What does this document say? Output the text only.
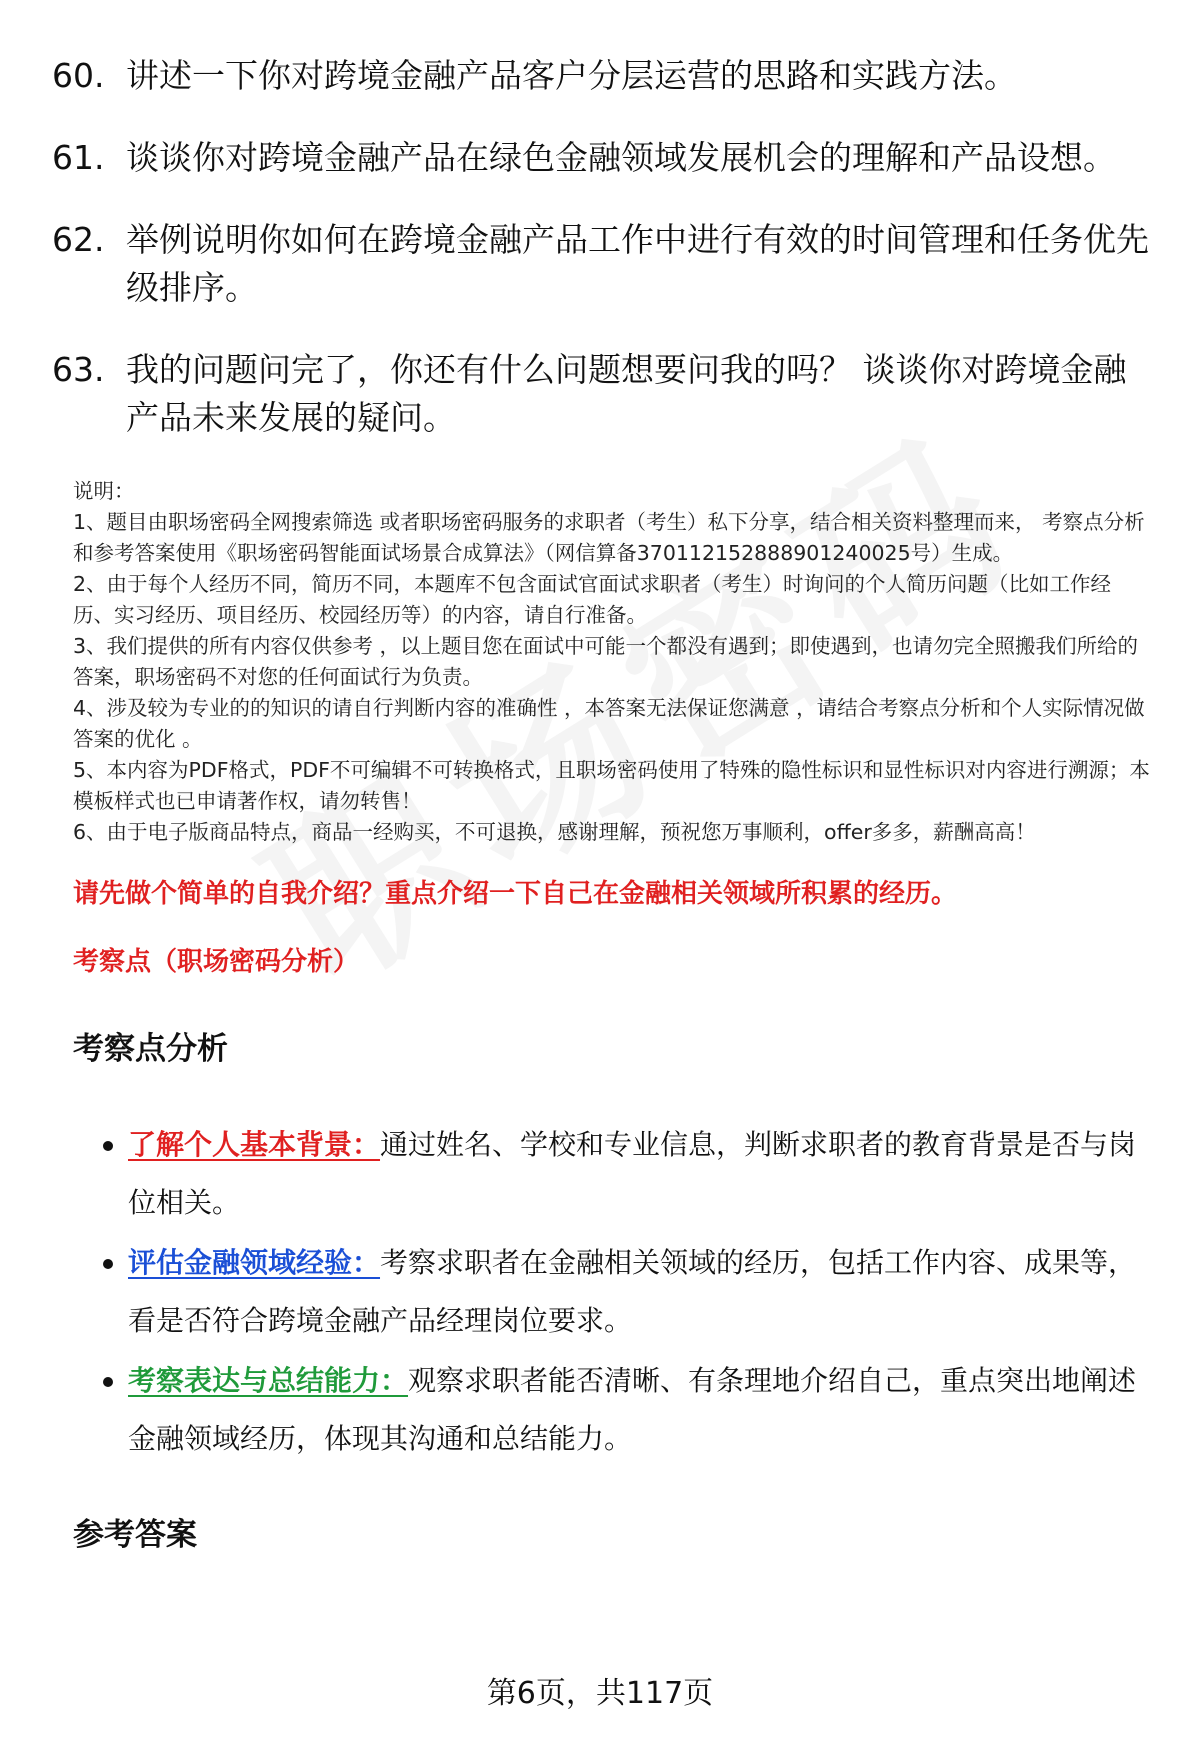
60. 讲述一下你对跨境金融产品客户分层运营的思路和实践方法。
61. 谈谈你对跨境金融产品在绿色金融领域发展机会的理解和产品设想。
62. 举例说明你如何在跨境金融产品工作中进行有效的时间管理和任务优先级排序。
63. 我的问题问完了，你还有什么问题想要问我的吗？ 谈谈你对跨境金融产品未来发展的疑问。

说明：

1、题目由职场密码全网搜索筛选 或者职场密码服务的求职者（考生）私下分享，结合相关资料整理而来， 考察点分析和参考答案使用《职场密码智能面试场景合成算法》（网信算备370112152888901240025号）生成。

2、由于每个人经历不同，简历不同，本题库不包含面试官面试求职者（考生）时询问的个人简历问题（比如工作经历、实习经历、项目经历、校园经历等）的内容，请自行准备。

3、我们提供的所有内容仅供参考 ，以上题目您在面试中可能一个都没有遇到；即使遇到，也请勿完全照搬我们所给的答案，职场密码不对您的任何面试行为负责。

4、涉及较为专业的的知识的请自行判断内容的准确性 ，本答案无法保证您满意 ，请结合考察点分析和个人实际情况做答案的优化 。

5、本内容为PDF格式，PDF不可编辑不可转换格式，且职场密码使用了特殊的隐性标识和显性标识对内容进行溯源；本模板样式也已申请著作权，请勿转售！

6、由于电子版商品特点，商品一经购买，不可退换，感谢理解，预祝您万事顺利，offer多多，薪酬高高！

请先做个简单的自我介绍？重点介绍一下自己在金融相关领域所积累的经历。
考察点（职场密码分析）
考察点分析
了解个人基本背景：通过姓名、学校和专业信息，判断求职者的教育背景是否与岗位相关。
评估金融领域经验：考察求职者在金融相关领域的经历，包括工作内容、成果等，看是否符合跨境金融产品经理岗位要求。
考察表达与总结能力：观察求职者能否清晰、有条理地介绍自己，重点突出地阐述金融领域经历，体现其沟通和总结能力。
参考答案
第6页，共117页
